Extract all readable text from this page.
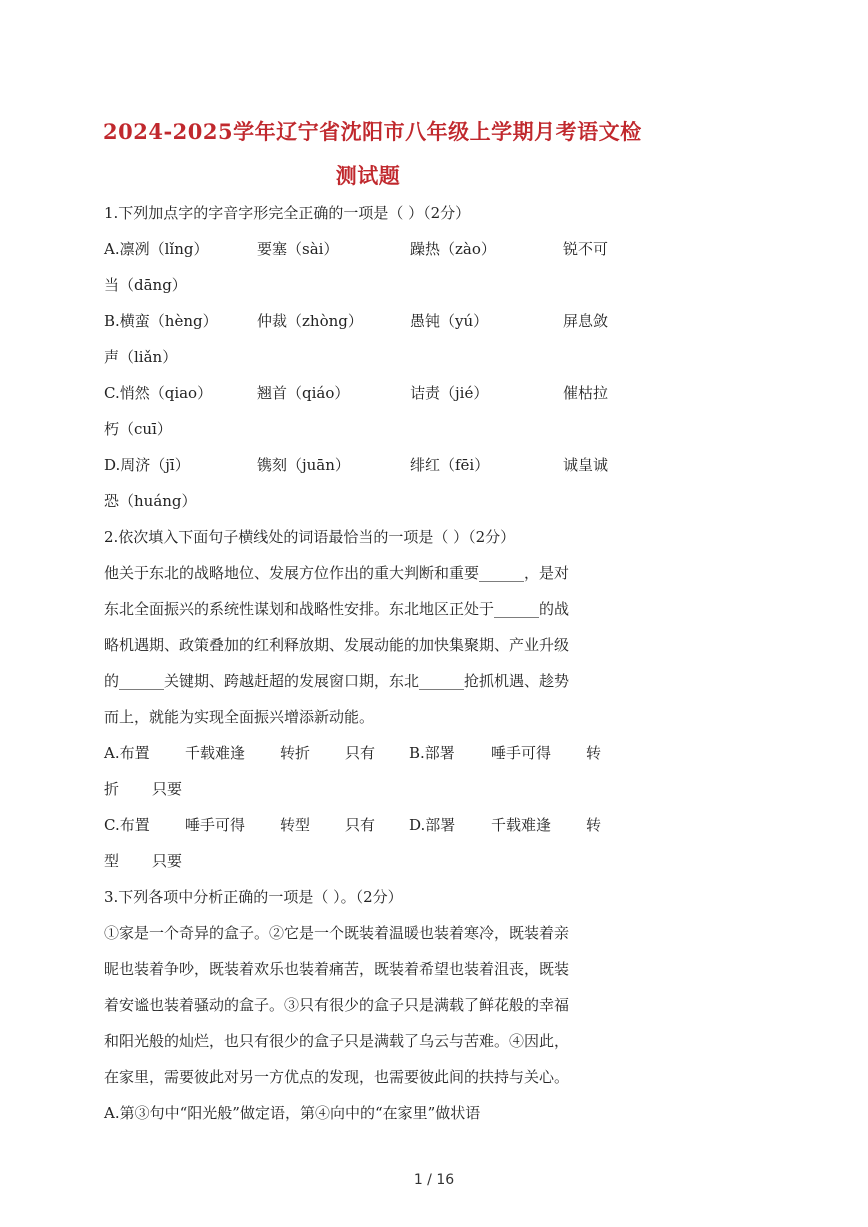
2024-2025学年辽宁省沈阳市八年级上学期月考语文检
测试题
1.下列加点字的字音字形完全正确的一项是（ ）（2分）
A.凛冽（lǐng）	要塞（sài）	躁热（zào）	锐不可
当（dāng）
B.横蛮（hèng）	仲裁（zhòng）	愚钝（yú）	屏息敛
声（liǎn）
C.悄然（qiao）	翘首（qiáo）	诘责（jié）	催枯拉
朽（cuī）
D.周济（jī）	镌刻（juān）	绯红（fēi）	诚皇诚
恐（huáng）
2.依次填入下面句子横线处的词语最恰当的一项是（ ）（2分）
他关于东北的战略地位、发展方位作出的重大判断和重要______，是对
东北全面振兴的系统性谋划和战略性安排。东北地区正处于______的战
略机遇期、政策叠加的红利释放期、发展动能的加快集聚期、产业升级
的______关键期、跨越赶超的发展窗口期，东北______抢抓机遇、趁势
而上，就能为实现全面振兴增添新动能。
A.布置 千载难逢 转折 只有 B.部署 唾手可得 转
折 只要
C.布置 唾手可得 转型 只有 D.部署 千载难逢 转
型 只要
3.下列各项中分析正确的一项是（ ）。（2分）
①家是一个奇异的盒子。②它是一个既装着温暖也装着寒冷，既装着亲
昵也装着争吵，既装着欢乐也装着痛苦，既装着希望也装着沮丧，既装
着安谧也装着骚动的盒子。③只有很少的盒子只是满载了鲜花般的幸福
和阳光般的灿烂，也只有很少的盒子只是满载了乌云与苦难。④因此，
在家里，需要彼此对另一方优点的发现，也需要彼此间的扶持与关心。
A.第③句中“阳光般”做定语，第④向中的“在家里”做状语
1 / 16
